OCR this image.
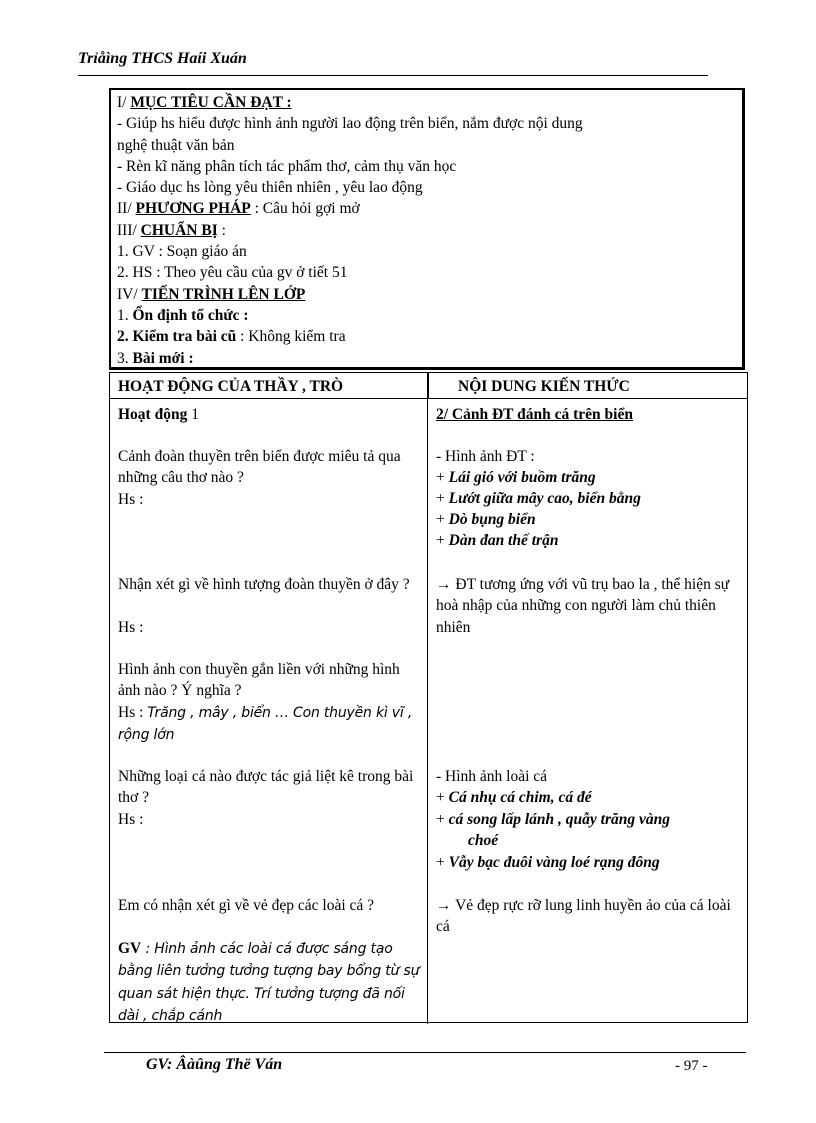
Trỉåìng THCS Haíi Xuán
I/ MỤC TIÊU CẦN ĐẠT :
- Giúp hs hiểu được hình ảnh người lao động trên biển, nắm được nội dung
nghệ thuật văn bản
- Rèn kĩ năng phân tích tác phẩm thơ, cảm thụ văn học
- Giáo dục hs lòng yêu thiên nhiên , yêu lao động
II/ PHƯƠNG PHÁP : Câu hỏi gợi mở
III/ CHUẨN BỊ :
1. GV : Soạn giáo án
2. HS : Theo yêu cầu của gv ở tiết 51
IV/ TIẾN TRÌNH LÊN LỚP
1. Ổn định tổ chức :
2. Kiểm tra bài cũ : Không kiểm tra
3. Bài mới :
HOẠT ĐỘNG CỦA THẦY , TRÒ	NỘI DUNG KIẾN THỨC
Hoạt động 1
Cảnh đoàn thuyền trên biển được miêu tả qua những câu thơ nào ?
Hs :
Nhận xét gì về hình tượng đoàn thuyền ở đây ?
Hs :
Hình ảnh con thuyền gắn liền với những hình ảnh nào ? Ý nghĩa ?
Hs : Trăng , mây , biển … Con thuyền kì vĩ , rộng lớn
Những loại cá nào được tác giả liệt kê trong bài thơ ?
Hs :
Em có nhận xét gì về vẻ đẹp các loài cá ?
GV : Hình ảnh các loài cá được sáng tạo bằng liên tưởng tưởng tượng bay bổng từ sự quan sát hiện thực. Trí tưởng tượng đã nối dài , chắp cánh
2/ Cảnh ĐT đánh cá trên biển
- Hình ảnh ĐT :
+ Lái gió với buồm trăng
+ Lướt giữa mây cao, biển bằng
+ Dò bụng biển
+ Dàn đan thế trận
→ ĐT tương ứng với vũ trụ bao la , thể hiện sự hoà nhập của những con người làm chủ thiên nhiên
- Hình ảnh loài cá
+ Cá nhụ cá chim, cá đé
+ cá song lấp lánh , quẫy trăng vàng
choé
+ Vẫy bạc đuôi vàng loé rạng đông
→ Vẻ đẹp rực rỡ lung linh huyền ảo của cá loài cá
GV: Âàûng Thë Ván	- 97 -
